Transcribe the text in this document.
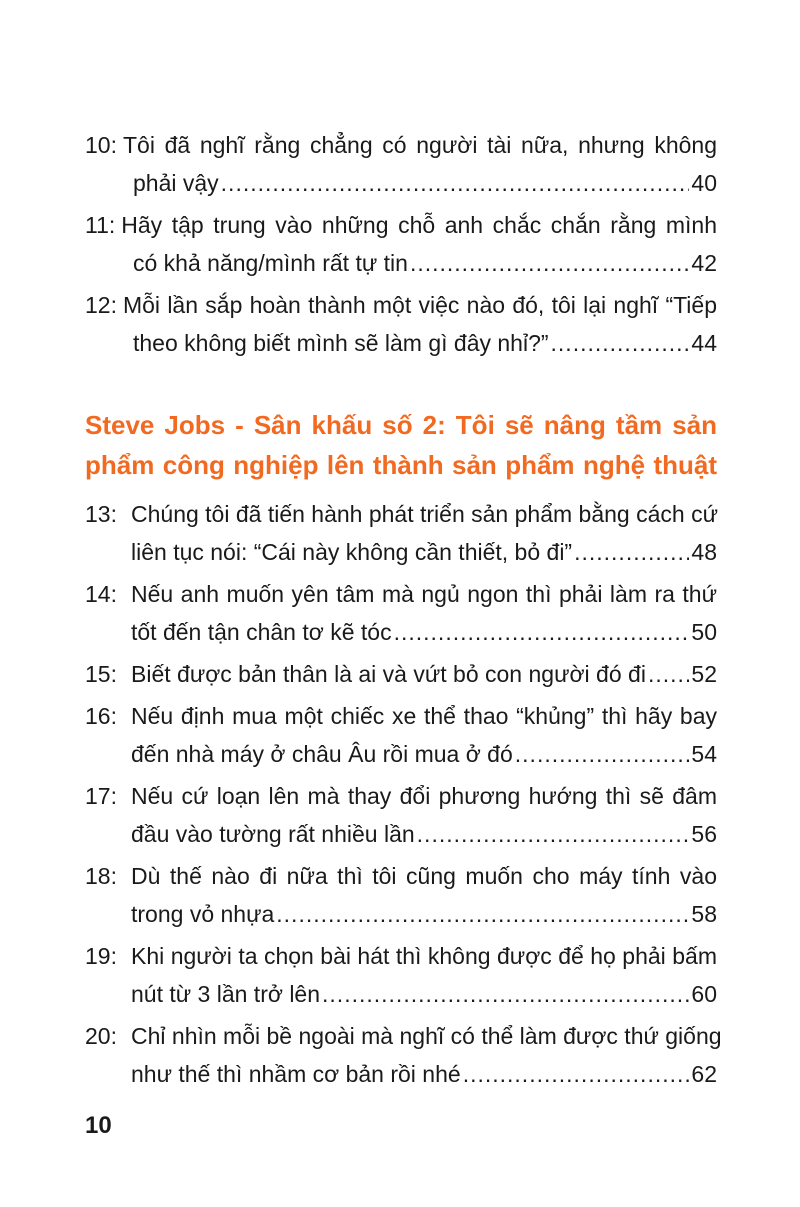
10: Tôi đã nghĩ rằng chẳng có người tài nữa, nhưng không
phải vậy .....	40
11: Hãy tập trung vào những chỗ anh chắc chắn rằng mình
có khả năng/mình rất tự tin .....	42
12: Mỗi lần sắp hoàn thành một việc nào đó, tôi lại nghĩ “Tiếp
theo không biết mình sẽ làm gì đây nhỉ?” .....	44
Steve Jobs - Sân khấu số 2: Tôi sẽ nâng tầm sản
phẩm công nghiệp lên thành sản phẩm nghệ thuật
13: Chúng tôi đã tiến hành phát triển sản phẩm bằng cách cứ
liên tục nói: “Cái này không cần thiết, bỏ đi” .....	48
14: Nếu anh muốn yên tâm mà ngủ ngon thì phải làm ra thứ
tốt đến tận chân tơ kẽ tóc .....	50
15: Biết được bản thân là ai và vứt bỏ con người đó đi ..... 52
16: Nếu định mua một chiếc xe thể thao “khủng” thì hãy bay
đến nhà máy ở châu Âu rồi mua ở đó .....	54
17: Nếu cứ loạn lên mà thay đổi phương hướng thì sẽ đâm
đầu vào tường rất nhiều lần .....	56
18: Dù thế nào đi nữa thì tôi cũng muốn cho máy tính vào
trong vỏ nhựa .....	58
19: Khi người ta chọn bài hát thì không được để họ phải bấm
nút từ 3 lần trở lên .....	60
20: Chỉ nhìn mỗi bề ngoài mà nghĩ có thể làm được thứ giống
như thế thì nhầm cơ bản rồi nhé .....	62
10
